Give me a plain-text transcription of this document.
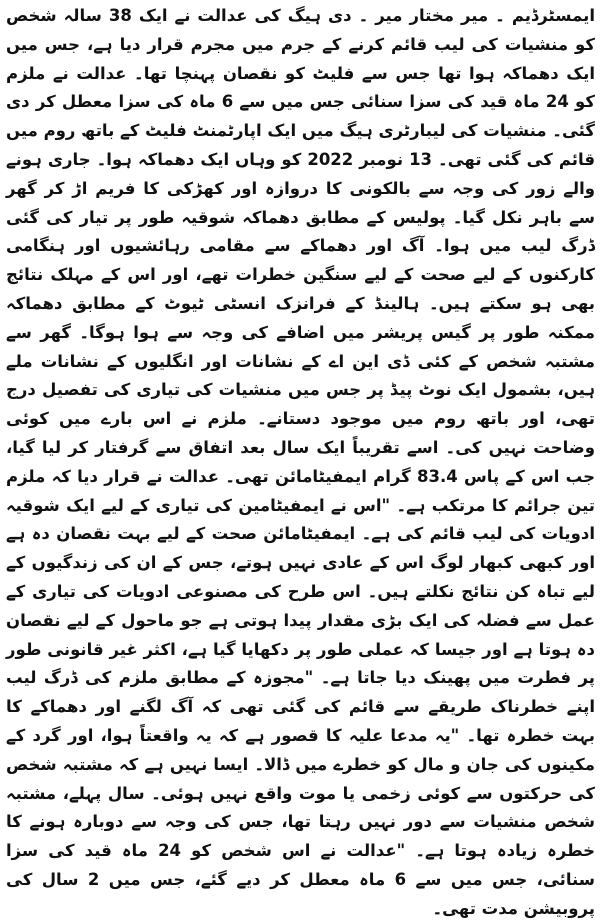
ایمسٹرڈیم ۔ میر مختار میر ۔ دی ہیگ کی عدالت نے ایک 38 سالہ شخص کو منشیات کی لیب قائم کرنے کے جرم میں مجرم قرار دیا ہے، جس میں ایک دھماکہ ہوا تھا جس سے فلیٹ کو نقصان پہنچا تھا۔ عدالت نے ملزم کو 24 ماہ قید کی سزا سنائی جس میں سے 6 ماہ کی سزا معطل کر دی گئی۔ منشیات کی لیبارٹری ہیگ میں ایک اپارٹمنٹ فلیٹ کے باتھ روم میں قائم کی گئی تھی۔ 13 نومبر 2022 کو وہاں ایک دھماکہ ہوا۔ جاری ہونے والے زور کی وجہ سے بالکونی کا دروازہ اور کھڑکی کا فریم اڑ کر گھر سے باہر نکل گیا۔ پولیس کے مطابق دھماکہ شوقیہ طور پر تیار کی گئی ڈرگ لیب میں ہوا۔ آگ اور دھماکے سے مقامی رہائشیوں اور ہنگامی کارکنوں کے لیے صحت کے لیے سنگین خطرات تھے، اور اس کے مہلک نتائج بھی ہو سکتے ہیں۔ ہالینڈ کے فرانزک انسٹی ٹیوٹ کے مطابق دھماکہ ممکنہ طور پر گیس پریشر میں اضافے کی وجہ سے ہوا ہوگا۔ گھر سے مشتبہ شخص کے کئی ڈی این اے کے نشانات اور انگلیوں کے نشانات ملے ہیں، بشمول ایک نوٹ پیڈ پر جس میں منشیات کی تیاری کی تفصیل درج تھی، اور باتھ روم میں موجود دستانے۔ ملزم نے اس بارے میں کوئی وضاحت نہیں کی۔ اسے تقریباً ایک سال بعد اتفاق سے گرفتار کر لیا گیا، جب اس کے پاس 83.4 گرام ایمفیٹامائن تھی۔ عدالت نے قرار دیا کہ ملزم تین جرائم کا مرتکب ہے۔ "اس نے ایمفیٹامین کی تیاری کے لیے ایک شوقیہ ادویات کی لیب قائم کی ہے۔ ایمفیٹامائن صحت کے لیے بہت نقصان دہ ہے اور کبھی کبھار لوگ اس کے عادی نہیں ہوتے، جس کے ان کی زندگیوں کے لیے تباہ کن نتائج نکلتے ہیں۔ اس طرح کی مصنوعی ادویات کی تیاری کے عمل سے فضلہ کی ایک بڑی مقدار پیدا ہوتی ہے جو ماحول کے لیے نقصان دہ ہوتا ہے اور جیسا کہ عملی طور پر دکھایا گیا ہے، اکثر غیر قانونی طور پر فطرت میں پھینک دیا جاتا ہے۔ "مجوزہ کے مطابق ملزم کی ڈرگ لیب اپنے خطرناک طریقے سے قائم کی گئی تھی کہ آگ لگنے اور دھماکے کا بہت خطرہ تھا۔ "یہ مدعا علیہ کا قصور ہے کہ یہ واقعتاً ہوا، اور گرد کے مکینوں کی جان و مال کو خطرے میں ڈالا۔ ایسا نہیں ہے کہ مشتبہ شخص کی حرکتوں سے کوئی زخمی یا موت واقع نہیں ہوئی۔ سال پہلے، مشتبہ شخص منشیات سے دور نہیں رہتا تھا، جس کی وجہ سے دوبارہ ہونے کا خطرہ زیادہ ہوتا ہے۔ "عدالت نے اس شخص کو 24 ماہ قید کی سزا سنائی، جس میں سے 6 ماہ معطل کر دیے گئے، جس میں 2 سال کی پروبیشن مدت تھی۔
